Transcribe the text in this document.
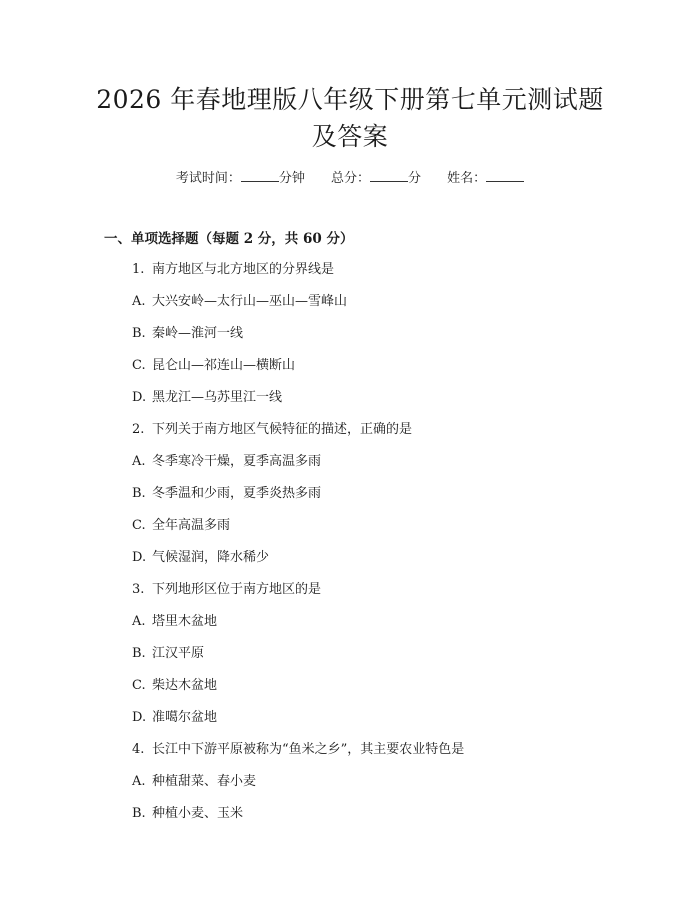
2026 年春地理版八年级下册第七单元测试题
及答案
考试时间：	分钟 总分：	分 姓名：
一、单项选择题（每题 2 分，共 60 分）
1. 南方地区与北方地区的分界线是
A. 大兴安岭—太行山—巫山—雪峰山
B. 秦岭—淮河一线
C. 昆仑山—祁连山—横断山
D. 黑龙江—乌苏里江一线
2. 下列关于南方地区气候特征的描述，正确的是
A. 冬季寒冷干燥，夏季高温多雨
B. 冬季温和少雨，夏季炎热多雨
C. 全年高温多雨
D. 气候湿润，降水稀少
3. 下列地形区位于南方地区的是
A. 塔里木盆地
B. 江汉平原
C. 柴达木盆地
D. 准噶尔盆地
4. 长江中下游平原被称为“鱼米之乡”，其主要农业特色是
A. 种植甜菜、春小麦
B. 种植小麦、玉米
